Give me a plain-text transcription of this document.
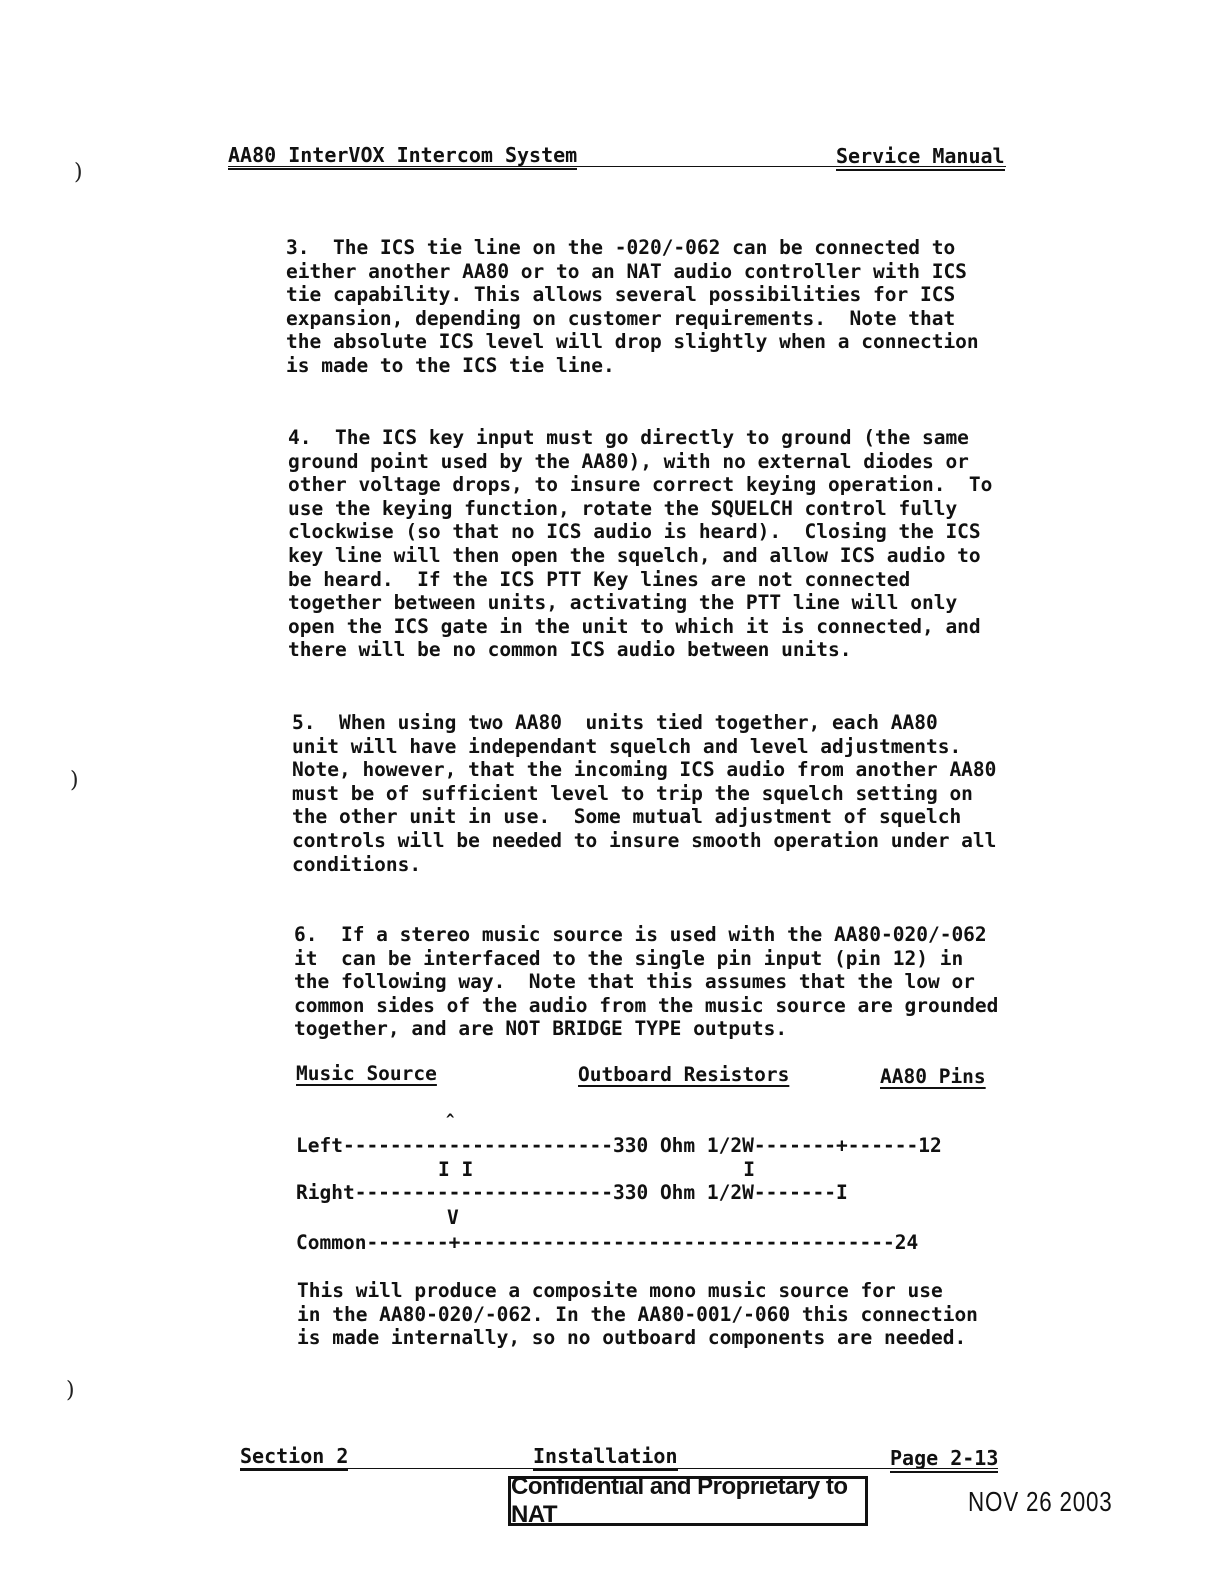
AA80 InterVOX Intercom System	Service Manual
)
)
)
3.  The ICS tie line on the -020/-062 can be connected to
either another AA80 or to an NAT audio controller with ICS
tie capability. This allows several possibilities for ICS
expansion, depending on customer requirements.  Note that
the absolute ICS level will drop slightly when a connection
is made to the ICS tie line.
4.  The ICS key input must go directly to ground (the same
ground point used by the AA80), with no external diodes or
other voltage drops, to insure correct keying operation.  To
use the keying function, rotate the SQUELCH control fully
clockwise (so that no ICS audio is heard).  Closing the ICS
key line will then open the squelch, and allow ICS audio to
be heard.  If the ICS PTT Key lines are not connected
together between units, activating the PTT line will only
open the ICS gate in the unit to which it is connected, and
there will be no common ICS audio between units.
5.  When using two AA80  units tied together, each AA80
unit will have independant squelch and level adjustments.
Note, however, that the incoming ICS audio from another AA80
must be of sufficient level to trip the squelch setting on
the other unit in use.  Some mutual adjustment of squelch
controls will be needed to insure smooth operation under all
conditions.
6.  If a stereo music source is used with the AA80-020/-062
it  can be interfaced to the single pin input (pin 12) in
the following way.  Note that this assumes that the low or
common sides of the audio from the music source are grounded
together, and are NOT BRIDGE TYPE outputs.
Music Source	Outboard Resistors	AA80 Pins
^
Left-----------------------330 Ohm 1/2W-------+------12
I I                       I
Right----------------------330 Ohm 1/2W-------I
V
Common-------+-------------------------------------24
This will produce a composite mono music source for use
in the AA80-020/-062. In the AA80-001/-060 this connection
is made internally, so no outboard components are needed.
Section 2	Installation	Page 2-13
Confidential and Proprietary to NAT	NOV 26 2003
